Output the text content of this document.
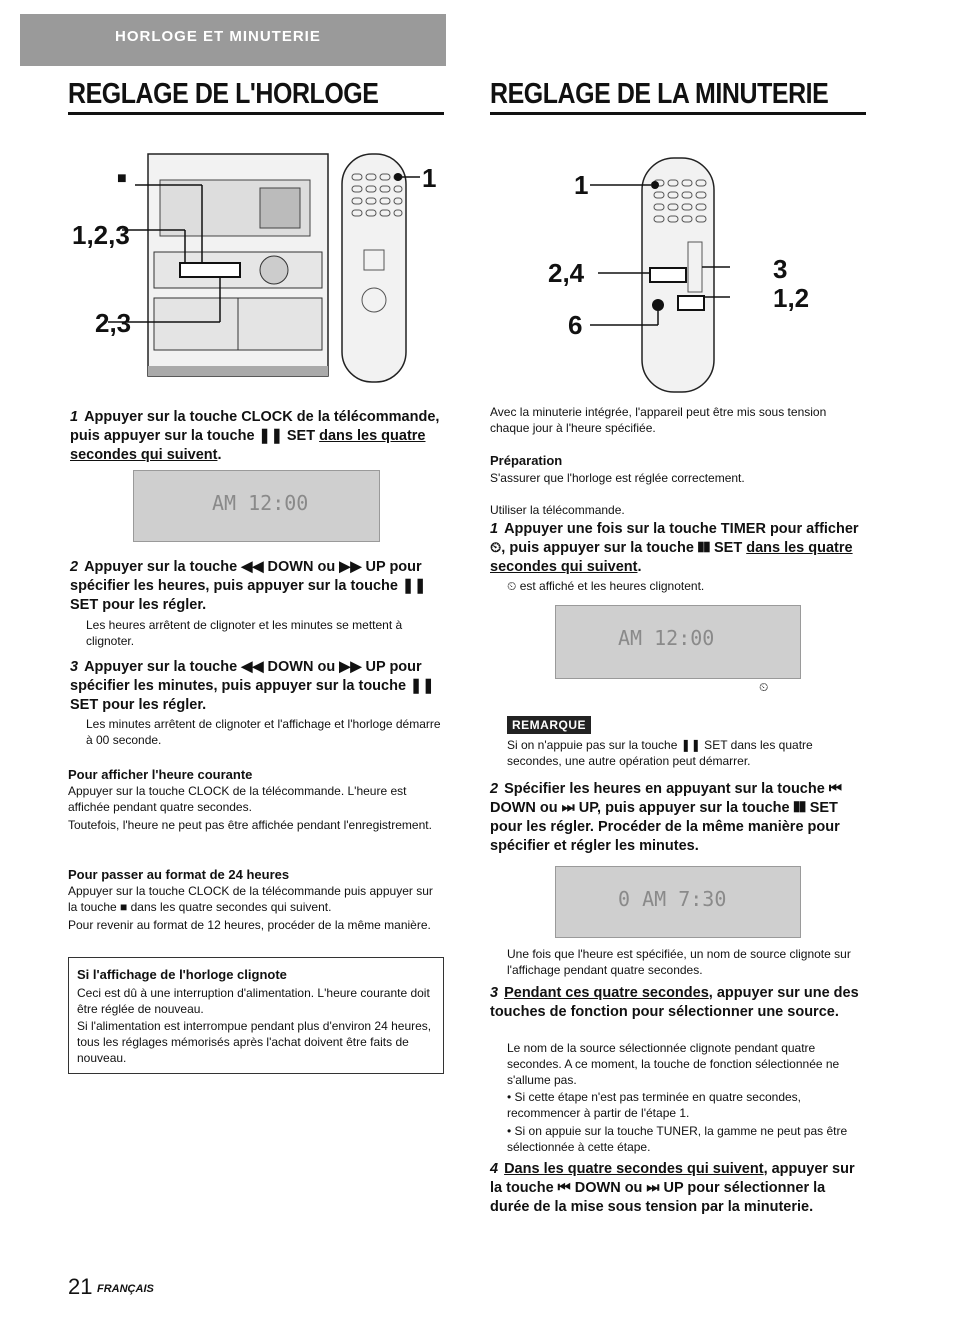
HORLOGE ET MINUTERIE
REGLAGE DE L'HORLOGE
■
1,2,3
2,3
1
1 Appuyer sur la touche CLOCK de la télécommande, puis appuyer sur la touche ❚❚ SET dans les quatre secondes qui suivent.
AM 12:00
2 Appuyer sur la touche ◀◀ DOWN ou ▶▶ UP pour spécifier les heures, puis appuyer sur la touche ❚❚ SET pour les régler.
Les heures arrêtent de clignoter et les minutes se mettent à clignoter.
3 Appuyer sur la touche ◀◀ DOWN ou ▶▶ UP pour spécifier les minutes, puis appuyer sur la touche ❚❚ SET pour les régler.
Les minutes arrêtent de clignoter et l'affichage et l'horloge démarre à 00 seconde.
Pour afficher l'heure courante
Appuyer sur la touche CLOCK de la télécommande. L'heure est affichée pendant quatre secondes.
Toutefois, l'heure ne peut pas être affichée pendant l'enregistrement.
Pour passer au format de 24 heures
Appuyer sur la touche CLOCK de la télécommande puis appuyer sur la touche ■ dans les quatre secondes qui suivent.
Pour revenir au format de 12 heures, procéder de la même manière.
Si l'affichage de l'horloge clignote
Ceci est dû à une interruption d'alimentation. L'heure courante doit être réglée de nouveau.
Si l'alimentation est interrompue pendant plus d'environ 24 heures, tous les réglages mémorisés après l'achat doivent être faits de nouveau.
REGLAGE DE LA MINUTERIE
1
2,4
6
3
1,2
Avec la minuterie intégrée, l'appareil peut être mis sous tension chaque jour à l'heure spécifiée.
Préparation
S'assurer que l'horloge est réglée correctement.
Utiliser la télécommande.
1 Appuyer une fois sur la touche TIMER pour afficher ⏲, puis appuyer sur la touche ❚❚ SET dans les quatre secondes qui suivent.
⏲ est affiché et les heures clignotent.
AM 12:00
⏲
REMARQUE
Si on n'appuie pas sur la touche ❚❚ SET dans les quatre secondes, une autre opération peut démarrer.
2 Spécifier les heures en appuyant sur la touche ⏮ DOWN ou ⏭ UP, puis appuyer sur la touche ❚❚ SET pour les régler. Procéder de la même manière pour spécifier et régler les minutes.
0 AM 7:30
Une fois que l'heure est spécifiée, un nom de source clignote sur l'affichage pendant quatre secondes.
3 Pendant ces quatre secondes, appuyer sur une des touches de fonction pour sélectionner une source.
Le nom de la source sélectionnée clignote pendant quatre secondes. A ce moment, la touche de fonction sélectionnée ne s'allume pas.
• Si cette étape n'est pas terminée en quatre secondes, recommencer à partir de l'étape 1.
• Si on appuie sur la touche TUNER, la gamme ne peut pas être sélectionnée à cette étape.
4 Dans les quatre secondes qui suivent, appuyer sur la touche ⏮ DOWN ou ⏭ UP pour sélectionner la durée de la mise sous tension par la minuterie.
21 FRANÇAIS
